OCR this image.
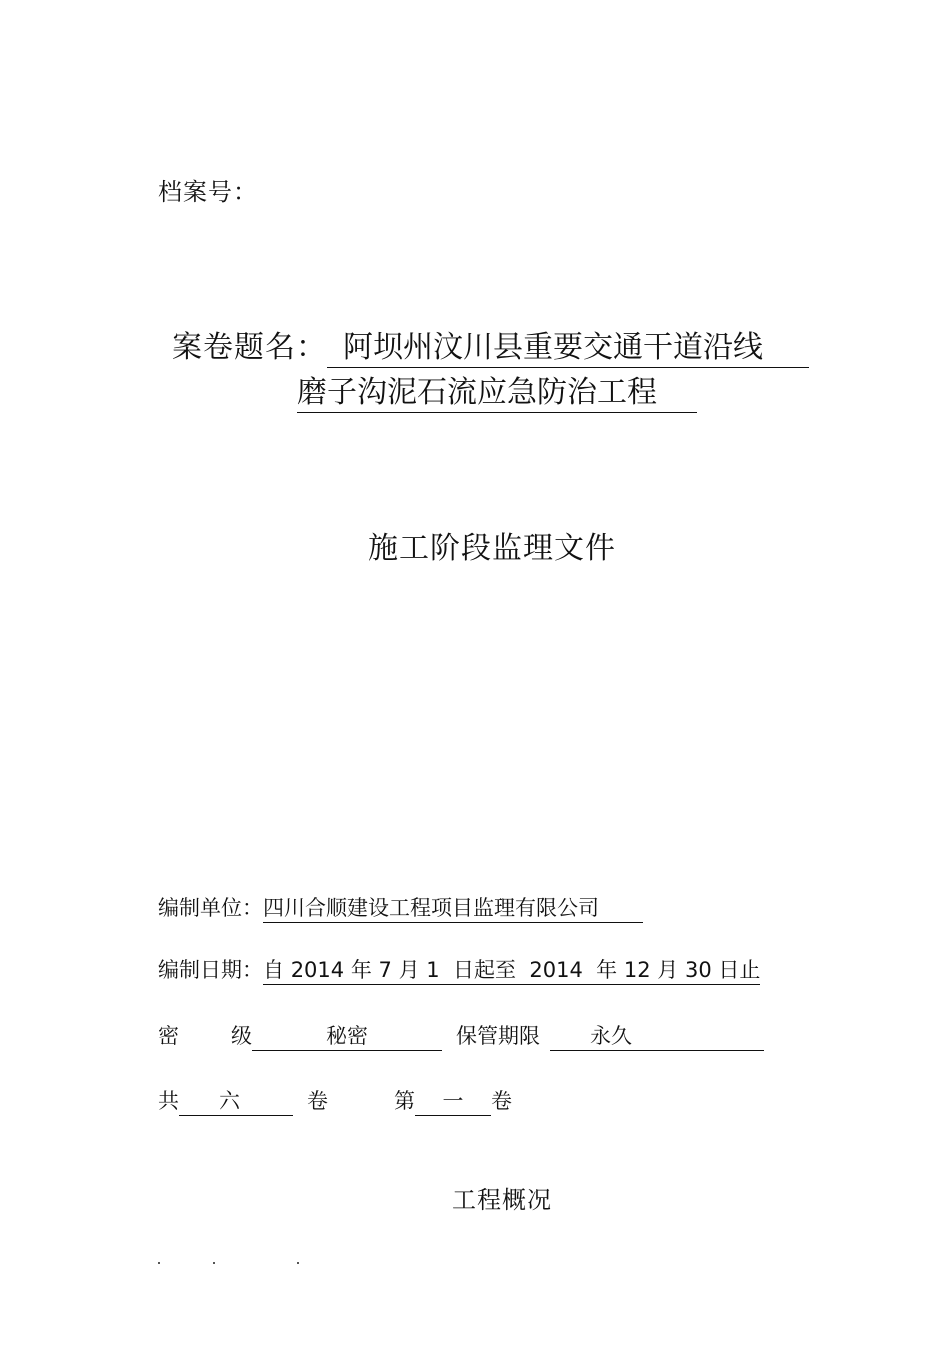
档案号：
案卷题名： 阿坝州汶川县重要交通干道沿线
磨子沟泥石流应急防治工程
施工阶段监理文件
编制单位：四川合顺建设工程项目监理有限公司
编制日期：自 2014 年 7 月 1 日起至 2014 年 12 月 30 日止
密 级	秘密	保管期限 永久
共 六	卷	第 一 卷
工程概况
